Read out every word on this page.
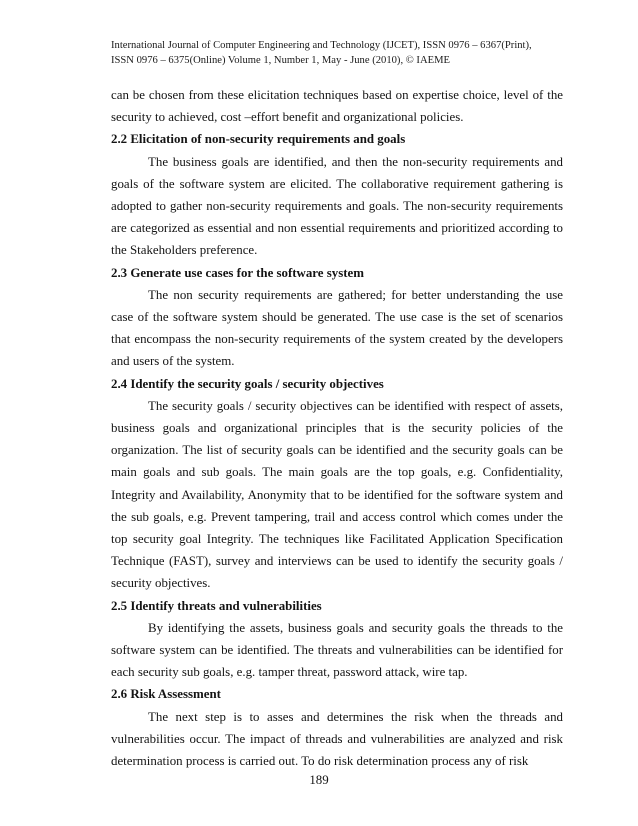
International Journal of Computer Engineering and Technology (IJCET), ISSN 0976 – 6367(Print),
ISSN 0976 – 6375(Online) Volume 1, Number 1, May - June (2010), © IAEME

can be chosen from these elicitation techniques based on expertise choice, level of the security to achieved, cost –effort benefit and organizational policies.

2.2 Elicitation of non-security requirements and goals

The business goals are identified, and then the non-security requirements and goals of the software system are elicited. The collaborative requirement gathering is adopted to gather non-security requirements and goals. The non-security requirements are categorized as essential and non essential requirements and prioritized according to the Stakeholders preference.

2.3 Generate use cases for the software system

The non security requirements are gathered; for better understanding the use case of the software system should be generated. The use case is the set of scenarios that encompass the non-security requirements of the system created by the developers and users of the system.

2.4 Identify the security goals / security objectives

The security goals / security objectives can be identified with respect of assets, business goals and organizational principles that is the security policies of the organization. The list of security goals can be identified and the security goals can be main goals and sub goals. The main goals are the top goals, e.g. Confidentiality, Integrity and Availability, Anonymity that to be identified for the software system and the sub goals, e.g. Prevent tampering, trail and access control which comes under the top security goal Integrity. The techniques like Facilitated Application Specification Technique (FAST), survey and interviews can be used to identify the security goals / security objectives.

2.5 Identify threats and vulnerabilities

By identifying the assets, business goals and security goals the threads to the software system can be identified. The threats and vulnerabilities can be identified for each security sub goals, e.g. tamper threat, password attack, wire tap.

2.6 Risk Assessment

The next step is to asses and determines the risk when the threads and vulnerabilities occur. The impact of threads and vulnerabilities are analyzed and risk determination process is carried out. To do risk determination process any of risk

189
